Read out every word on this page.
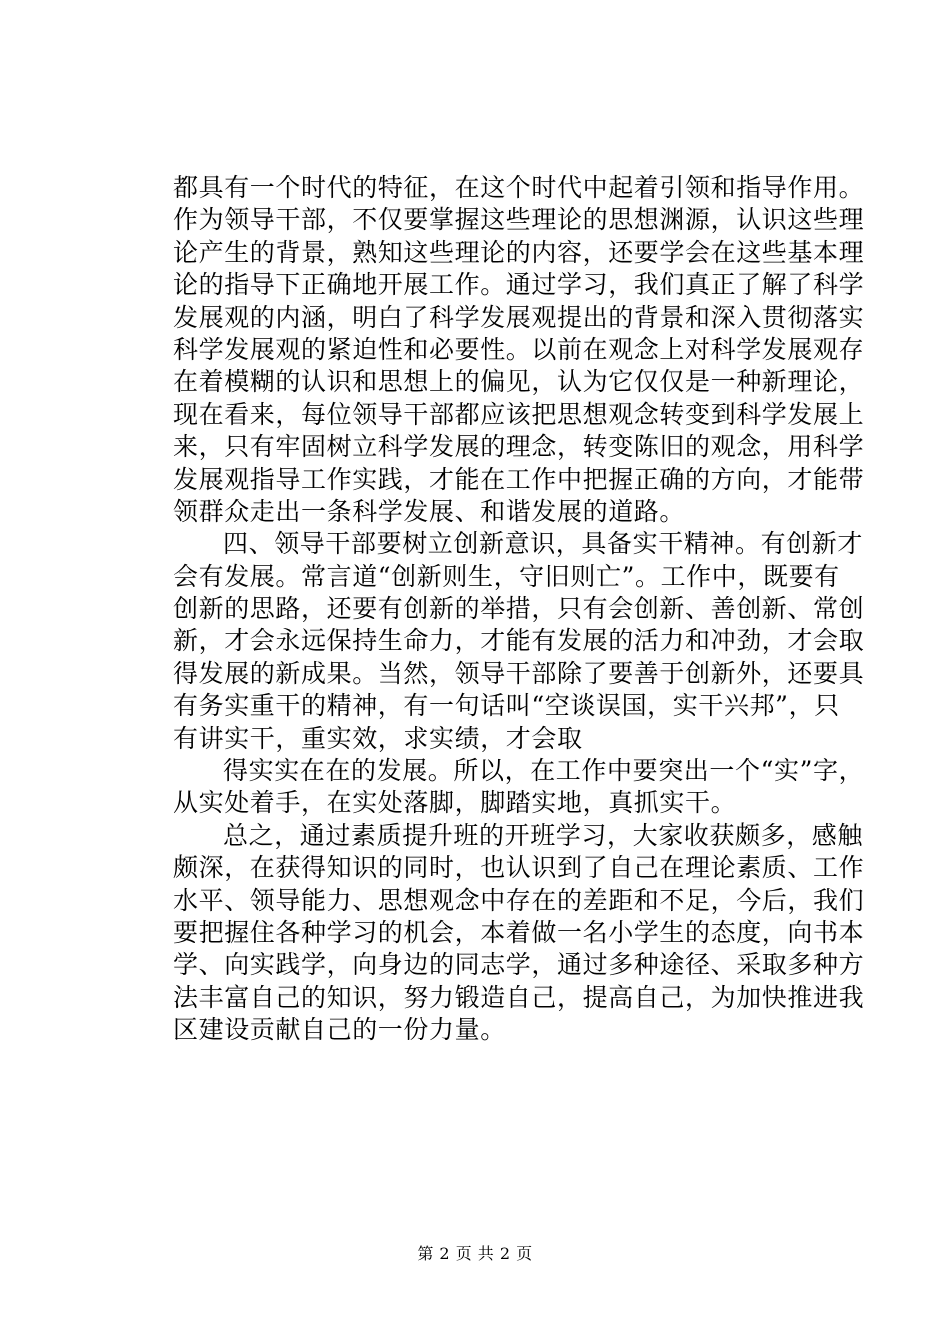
都具有一个时代的特征，在这个时代中起着引领和指导作用。
作为领导干部，不仅要掌握这些理论的思想渊源，认识这些理
论产生的背景，熟知这些理论的内容，还要学会在这些基本理
论的指导下正确地开展工作。通过学习，我们真正了解了科学
发展观的内涵，明白了科学发展观提出的背景和深入贯彻落实
科学发展观的紧迫性和必要性。以前在观念上对科学发展观存
在着模糊的认识和思想上的偏见，认为它仅仅是一种新理论，
现在看来，每位领导干部都应该把思想观念转变到科学发展上
来，只有牢固树立科学发展的理念，转变陈旧的观念，用科学
发展观指导工作实践，才能在工作中把握正确的方向，才能带
领群众走出一条科学发展、和谐发展的道路。
四、领导干部要树立创新意识，具备实干精神。有创新才
会有发展。常言道“创新则生，守旧则亡”。工作中，既要有
创新的思路，还要有创新的举措，只有会创新、善创新、常创
新，才会永远保持生命力，才能有发展的活力和冲劲，才会取
得发展的新成果。当然，领导干部除了要善于创新外，还要具
有务实重干的精神，有一句话叫“空谈误国，实干兴邦”，只
有讲实干，重实效，求实绩，才会取
得实实在在的发展。所以，在工作中要突出一个“实”字，
从实处着手，在实处落脚，脚踏实地，真抓实干。
总之，通过素质提升班的开班学习，大家收获颇多，感触
颇深，在获得知识的同时，也认识到了自己在理论素质、工作
水平、领导能力、思想观念中存在的差距和不足，今后，我们
要把握住各种学习的机会，本着做一名小学生的态度，向书本
学、向实践学，向身边的同志学，通过多种途径、采取多种方
法丰富自己的知识，努力锻造自己，提高自己，为加快推进我
区建设贡献自己的一份力量。
第 2 页 共 2 页
